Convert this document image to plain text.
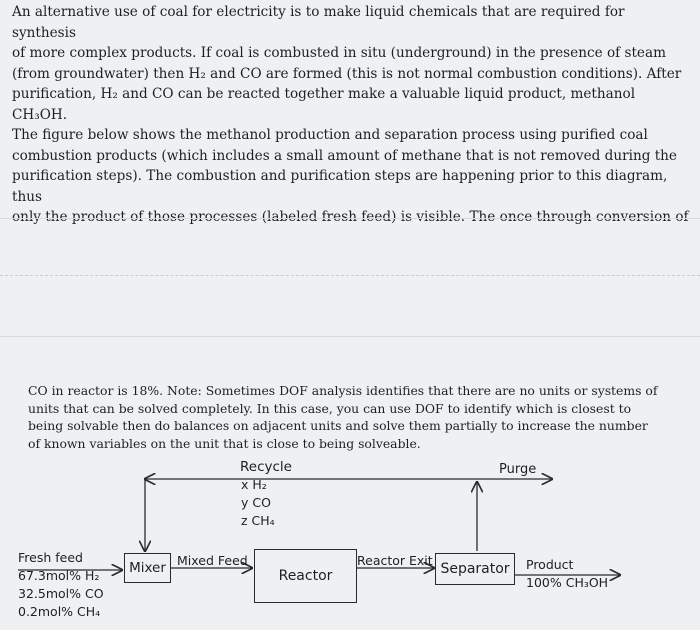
An alternative use of coal for electricity is to make liquid chemicals that are required for synthesis

of more complex products. If coal is combusted in situ (underground) in the presence of steam

(from groundwater) then H₂ and CO are formed (this is not normal combustion conditions). After

purification, H₂ and CO can be reacted together make a valuable liquid product, methanol CH₃OH.

The figure below shows the methanol production and separation process using purified coal

combustion products (which includes a small amount of methane that is not removed during the

purification steps). The combustion and purification steps are happening prior to this diagram, thus

only the product of those processes (labeled fresh feed) is visible. The once through conversion of

CO in reactor is 18%. Note: Sometimes DOF analysis identifies that there are no units or systems of

units that can be solved completely. In this case, you can use DOF to identify which is closest to

being solvable then do balances on adjacent units and solve them partially to increase the number

of known variables on the unit that is close to being solveable.

Recycle
x H₂
y CO
z CH₄
Purge
Fresh feed
67.3mol% H₂
32.5mol% CO
0.2mol% CH₄
Mixer Mixed Feed
Reactor
Reactor Exit
Separator Product
100% CH₃OH
